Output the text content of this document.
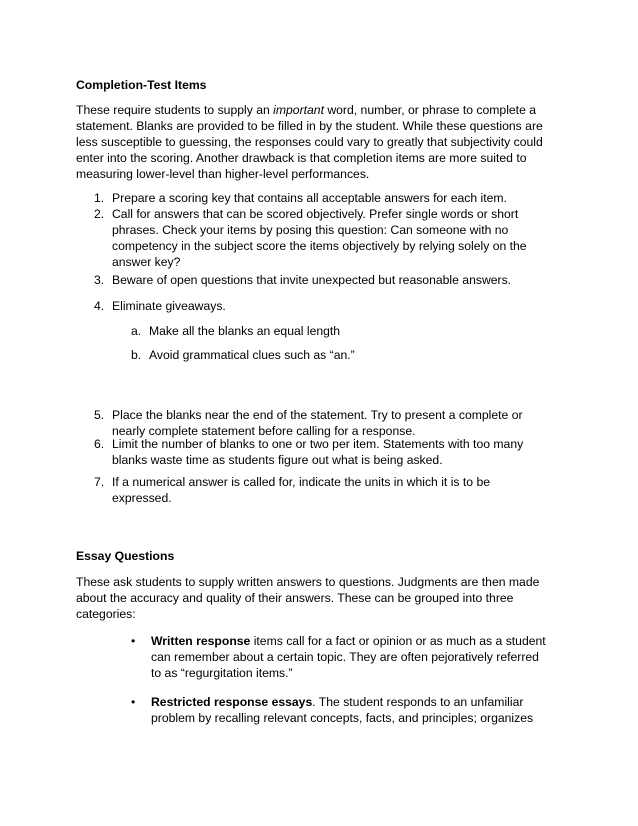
Completion-Test Items

These require students to supply an important word, number, or phrase to complete a statement. Blanks are provided to be filled in by the student. While these questions are less susceptible to guessing, the responses could vary to greatly that subjectivity could enter into the scoring. Another drawback is that completion items are more suited to measuring lower-level than higher-level performances.

1. Prepare a scoring key that contains all acceptable answers for each item.
2. Call for answers that can be scored objectively. Prefer single words or short phrases. Check your items by posing this question: Can someone with no competency in the subject score the items objectively by relying solely on the answer key?
3. Beware of open questions that invite unexpected but reasonable answers.
4. Eliminate giveaways.
a. Make all the blanks an equal length
b. Avoid grammatical clues such as “an.”
5. Place the blanks near the end of the statement. Try to present a complete or nearly complete statement before calling for a response.
6. Limit the number of blanks to one or two per item. Statements with too many blanks waste time as students figure out what is being asked.
7. If a numerical answer is called for, indicate the units in which it is to be expressed.
Essay Questions

These ask students to supply written answers to questions. Judgments are then made about the accuracy and quality of their answers. These can be grouped into three categories:

• Written response items call for a fact or opinion or as much as a student can remember about a certain topic. They are often pejoratively referred to as “regurgitation items.”
• Restricted response essays. The student responds to an unfamiliar problem by recalling relevant concepts, facts, and principles; organizes
